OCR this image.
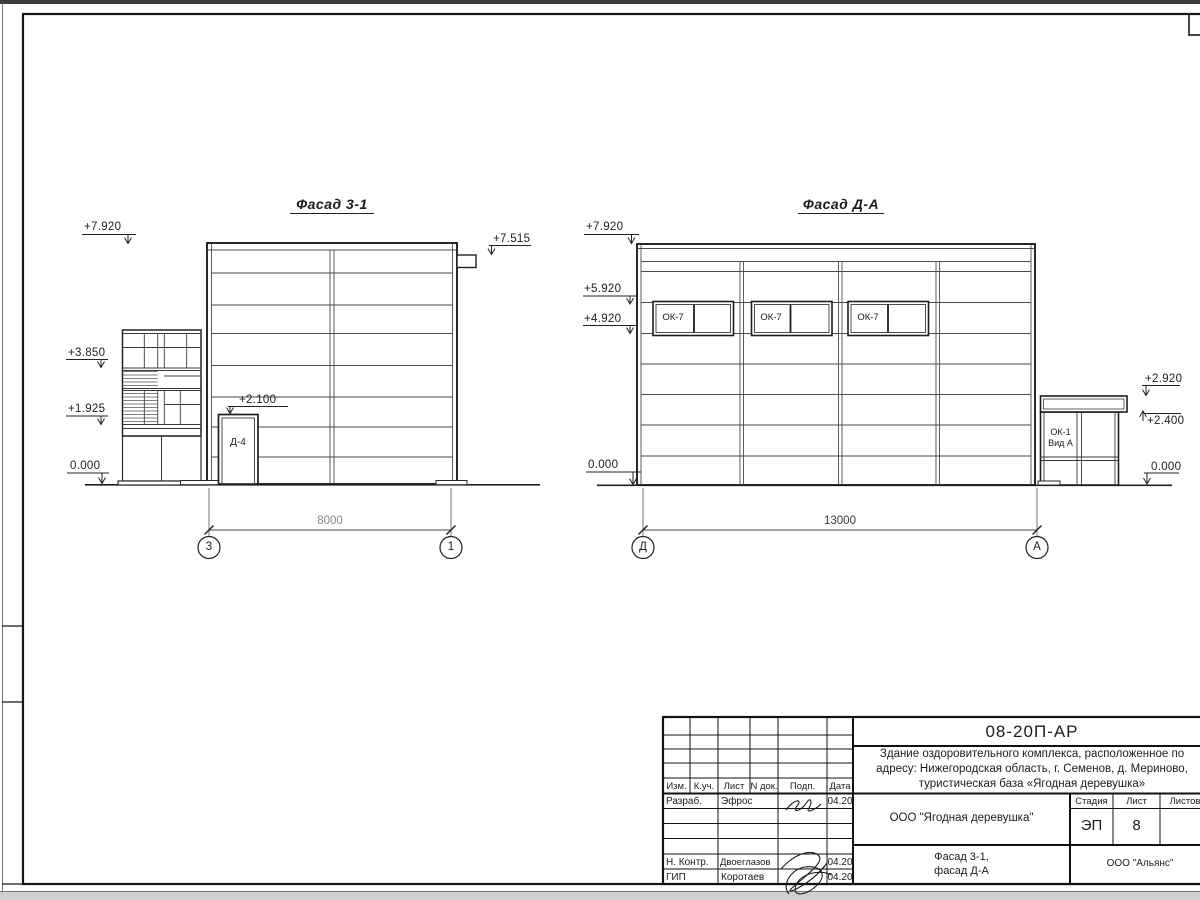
Фасад 3-1
+7.920
+3.850
+1.925
0.000
+7.515
+2.100
Д-4
8000
3	1
Фасад Д-А
+7.920
+5.920
+4.920
0.000
+2.920
+2.400
0.000
ОК-7	ОК-7	ОК-7
ОК-1
Вид А
13000
Д	А
Изм. К.уч. Лист N док.	Подп.	Дата
Разраб.	Эфрос	04.20
Н. Контр.	Двоеглазов	04.20
ГИП	Коротаев	04.20
08-20П-АР
Здание оздоровительного комплекса, расположенное по
адресу: Нижегородская область, г. Семенов, д. Мериново,
туристическая база «Ягодная деревушка»
ООО "Ягодная деревушка"
Стадия	Лист	Листов
ЭП	8
Фасад 3-1,
фасад Д-А
ООО "Альянс"
